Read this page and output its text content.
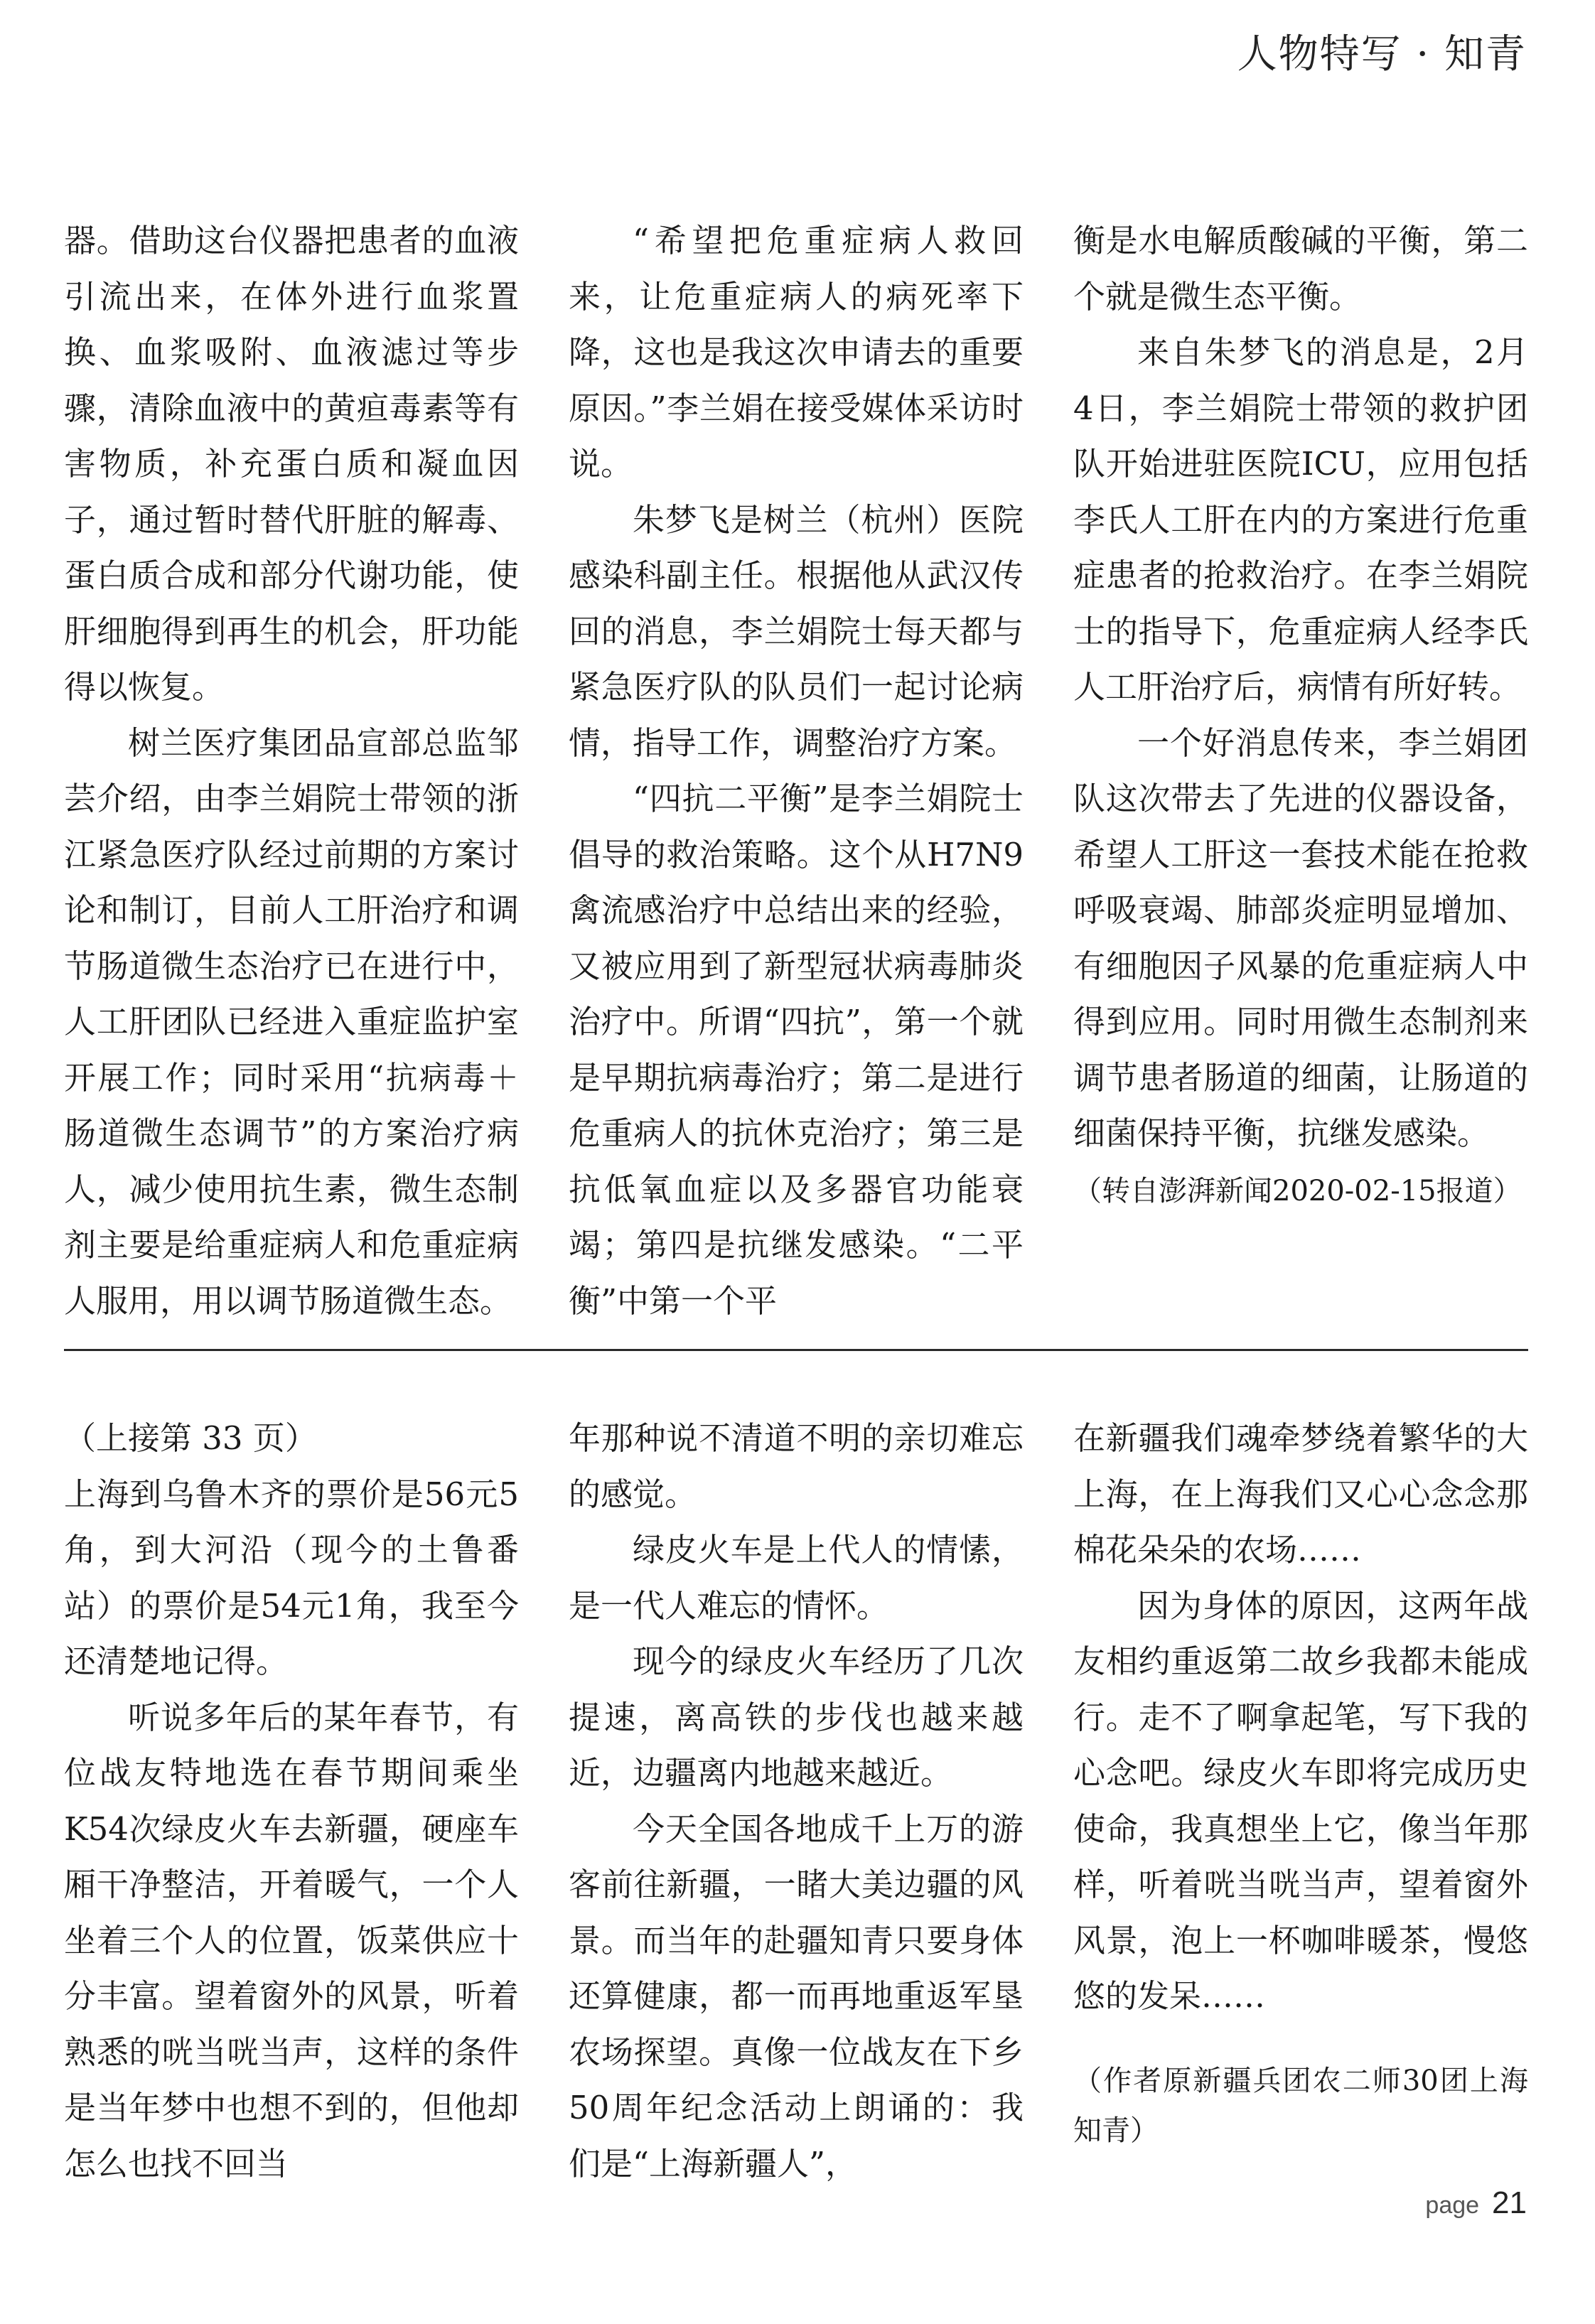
人物特写 · 知青

器。借助这台仪器把患者的血液引流出来，在体外进行血浆置换、血浆吸附、血液滤过等步骤，清除血液中的黄疸毒素等有害物质，补充蛋白质和凝血因子，通过暂时替代肝脏的解毒、蛋白质合成和部分代谢功能，使肝细胞得到再生的机会，肝功能得以恢复。

树兰医疗集团品宣部总监邹芸介绍，由李兰娟院士带领的浙江紧急医疗队经过前期的方案讨论和制订，目前人工肝治疗和调节肠道微生态治疗已在进行中，人工肝团队已经进入重症监护室开展工作；同时采用“抗病毒＋肠道微生态调节”的方案治疗病人，减少使用抗生素，微生态制剂主要是给重症病人和危重症病人服用，用以调节肠道微生态。

“希望把危重症病人救回来，让危重症病人的病死率下降，这也是我这次申请去的重要原因。”李兰娟在接受媒体采访时说。

朱梦飞是树兰（杭州）医院感染科副主任。根据他从武汉传回的消息，李兰娟院士每天都与紧急医疗队的队员们一起讨论病情，指导工作，调整治疗方案。

“四抗二平衡”是李兰娟院士倡导的救治策略。这个从H7N9禽流感治疗中总结出来的经验，又被应用到了新型冠状病毒肺炎治疗中。所谓“四抗”，第一个就是早期抗病毒治疗；第二是进行危重病人的抗休克治疗；第三是抗低氧血症以及多器官功能衰竭；第四是抗继发感染。“二平衡”中第一个平

衡是水电解质酸碱的平衡，第二个就是微生态平衡。

来自朱梦飞的消息是，2月4日，李兰娟院士带领的救护团队开始进驻医院ICU，应用包括李氏人工肝在内的方案进行危重症患者的抢救治疗。在李兰娟院士的指导下，危重症病人经李氏人工肝治疗后，病情有所好转。

一个好消息传来，李兰娟团队这次带去了先进的仪器设备，希望人工肝这一套技术能在抢救呼吸衰竭、肺部炎症明显增加、有细胞因子风暴的危重症病人中得到应用。同时用微生态制剂来调节患者肠道的细菌，让肠道的细菌保持平衡，抗继发感染。

（转自澎湃新闻2020-02-15报道）

（上接第 33 页）

上海到乌鲁木齐的票价是56元5角，到大河沿（现今的土鲁番站）的票价是54元1角，我至今还清楚地记得。

听说多年后的某年春节，有位战友特地选在春节期间乘坐K54次绿皮火车去新疆，硬座车厢干净整洁，开着暖气，一个人坐着三个人的位置，饭菜供应十分丰富。望着窗外的风景，听着熟悉的咣当咣当声，这样的条件是当年梦中也想不到的，但他却怎么也找不回当

年那种说不清道不明的亲切难忘的感觉。

绿皮火车是上代人的情愫，是一代人难忘的情怀。

现今的绿皮火车经历了几次提速，离高铁的步伐也越来越近，边疆离内地越来越近。

今天全国各地成千上万的游客前往新疆，一睹大美边疆的风景。而当年的赴疆知青只要身体还算健康，都一而再地重返军垦农场探望。真像一位战友在下乡50周年纪念活动上朗诵的：我们是“上海新疆人”，

在新疆我们魂牵梦绕着繁华的大上海，在上海我们又心心念念那棉花朵朵的农场……

因为身体的原因，这两年战友相约重返第二故乡我都未能成行。走不了啊拿起笔，写下我的心念吧。绿皮火车即将完成历史使命，我真想坐上它，像当年那样，听着咣当咣当声，望着窗外风景，泡上一杯咖啡暖茶，慢悠悠的发呆……

（作者原新疆兵团农二师30团上海知青）

page 21
